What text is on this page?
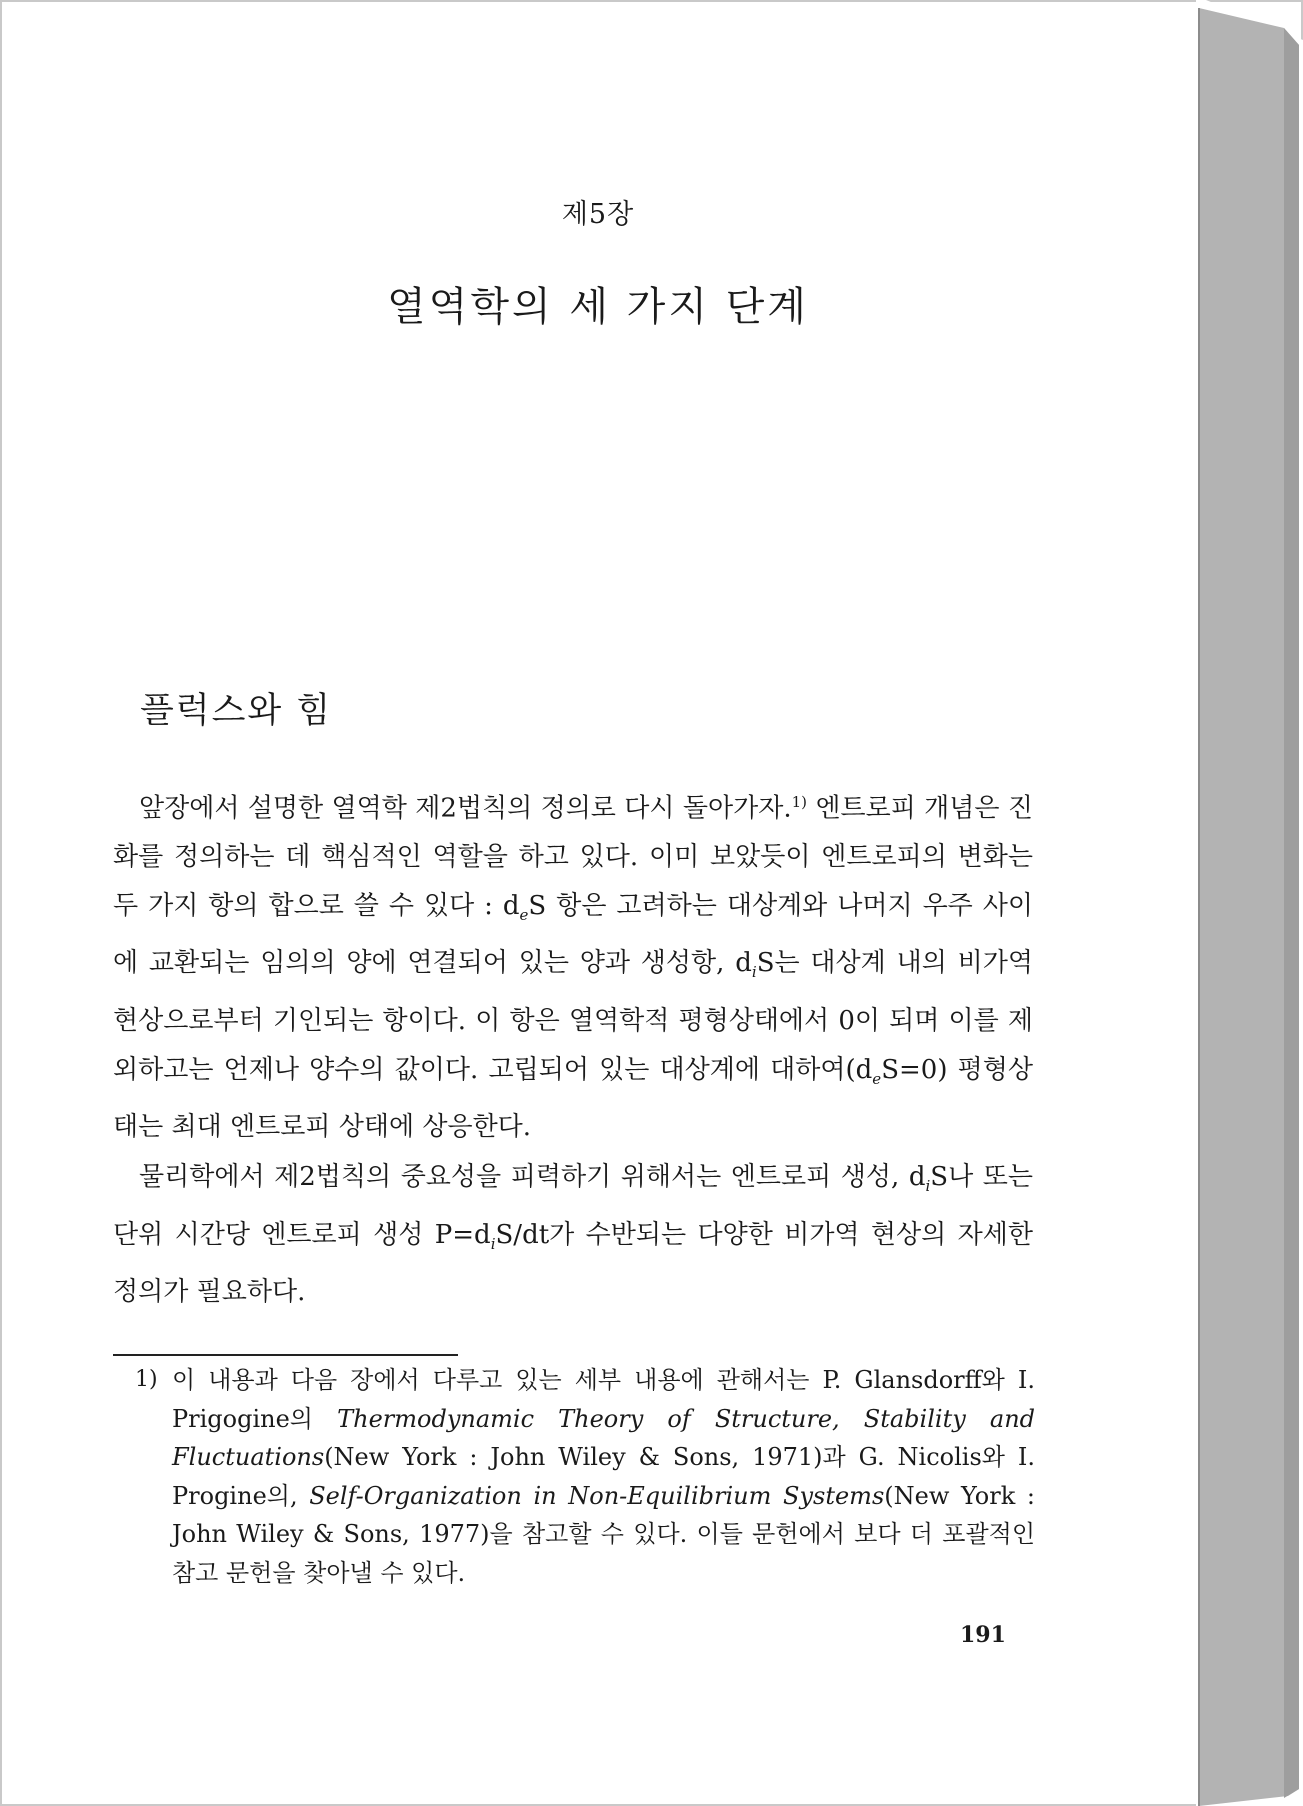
제5장
열역학의 세 가지 단계
플럭스와 힘

앞장에서 설명한 열역학 제2법칙의 정의로 다시 돌아가자.$^{1)}$ 엔트로피 개념은 진화를 정의하는 데 핵심적인 역할을 하고 있다. 이미 보았듯이 엔트로피의 변화는 두 가지 항의 합으로 쓸 수 있다 : $d_eS$ 항은 고려하는 대상계와 나머지 우주 사이에 교환되는 임의의 양에 연결되어 있는 양과 생성항, $d_iS$는 대상계 내의 비가역 현상으로부터 기인되는 항이다. 이 항은 열역학적 평형상태에서 0이 되며 이를 제외하고는 언제나 양수의 값이다. 고립되어 있는 대상계에 대하여$(d_eS=0)$ 평형상태는 최대 엔트로피 상태에 상응한다.

물리학에서 제2법칙의 중요성을 피력하기 위해서는 엔트로피 생성, $d_iS$나 또는 단위 시간당 엔트로피 생성 $P=d_iS/dt$가 수반되는 다양한 비가역 현상의 자세한 정의가 필요하다.

1) 이 내용과 다음 장에서 다루고 있는 세부 내용에 관해서는 P. Glansdorff와 I. Prigogine의 Thermodynamic Theory of Structure, Stability and Fluctuations(New York : John Wiley & Sons, 1971)과 G. Nicolis와 I. Progine의, Self-Organization in Non-Equilibrium Systems(New York : John Wiley & Sons, 1977)을 참고할 수 있다. 이들 문헌에서 보다 더 포괄적인 참고 문헌을 찾아낼 수 있다.
191
